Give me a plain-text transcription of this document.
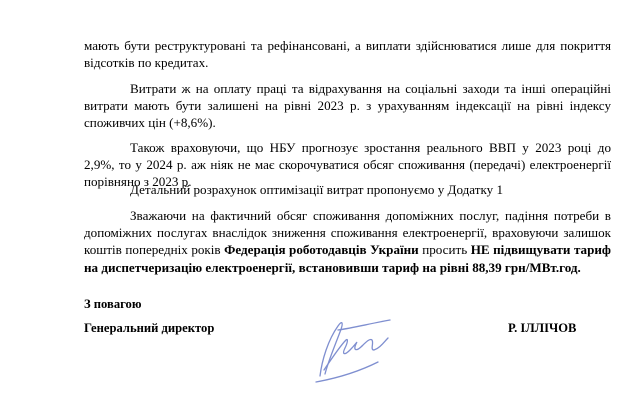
мають бути реструктуровані та рефінансовані, а виплати здійснюватися лише для покриття відсотків по кредитах.

Витрати ж на оплату праці та відрахування на соціальні заходи та інші операційні витрати мають бути залишені на рівні 2023 р. з урахуванням індексації на рівні індексу споживчих цін (+8,6%).

Також враховуючи, що НБУ прогнозує зростання реального ВВП у 2023 році до 2,9%, то у 2024 р. аж ніяк не має скорочуватися обсяг споживання (передачі) електроенергії порівняно з 2023 р.

Детальний розрахунок оптимізації витрат пропонуємо у Додатку 1

Зважаючи на фактичний обсяг споживання допоміжних послуг, падіння потреби в допоміжних послугах внаслідок зниження споживання електроенергії, враховуючи залишок коштів попередніх років Федерація роботодавців України просить НЕ підвищувати тариф на диспетчеризацію електроенергії, встановивши тариф на рівні 88,39 грн/МВт.год.

З повагою
Генеральний директор	Р. ІЛЛІЧОВ
